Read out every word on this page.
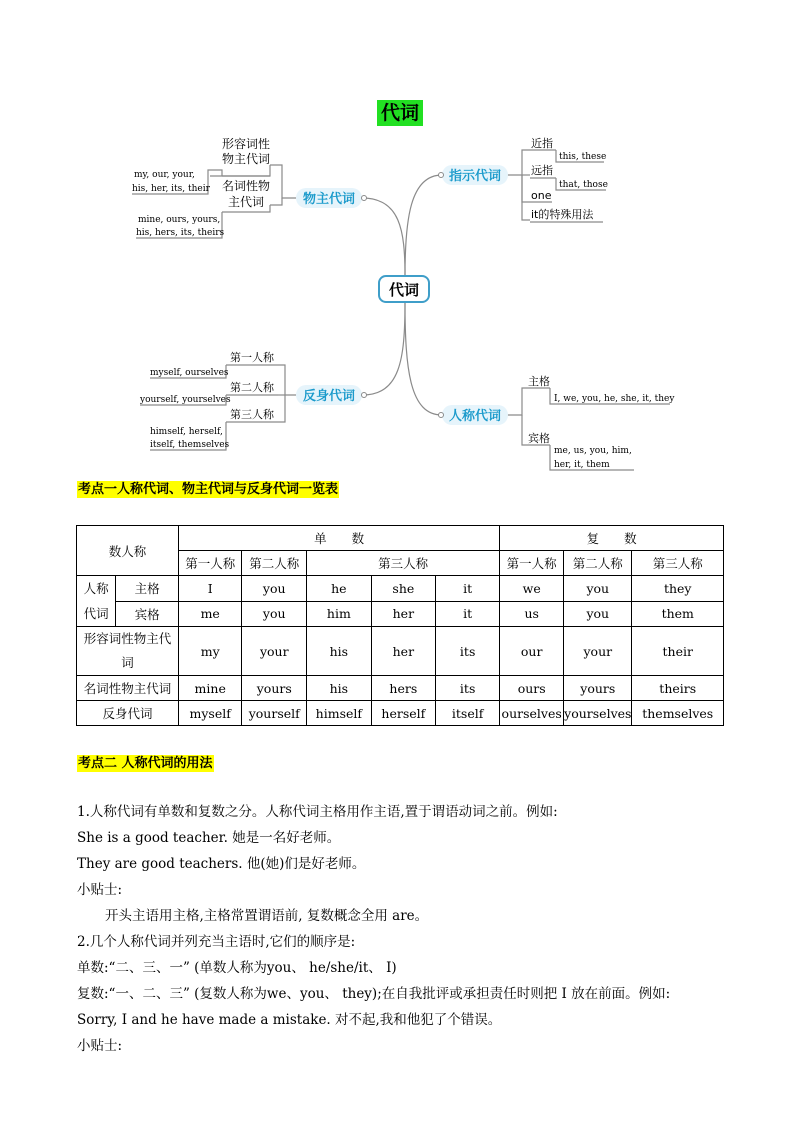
代词
代词
物主代词
反身代词
指示代词
人称代词
形容词性
物主代词
my, our, your,
his, her, its, their 名词性物
主代词
mine, ours, yours,
his, hers, its, theirs
第一人称
myself, ourselves
第二人称
yourself, yourselves
第三人称
himself, herself,
itself, themselves
近指
this, these
远指
that, those
one
it的特殊用法
主格
I, we, you, he, she, it, they
宾格
me, us, you, him,
her, it, them
考点一人称代词、物主代词与反身代词一览表
数人称		单　　数					复　　数		
		第一人称	第二人称	第三人称			第一人称	第二人称	第三人称
人称
代词	主格	I	you	he	she	it	we	you	they
	宾格	me	you	him	her	it	us	you	them
形容词性物主代
词		my	your	his	her	its	our	your	their
名词性物主代词		mine	yours	his	hers	its	ours	yours	theirs
反身代词		myself	yourself	himself	herself	itself	ourselves	yourselves	themselves
考点二 人称代词的用法
1.人称代词有单数和复数之分。人称代词主格用作主语,置于谓语动词之前。例如:
She is a good teacher. 她是一名好老师。
They are good teachers. 他(她)们是好老师。
小贴士:
开头主语用主格,主格常置谓语前, 复数概念全用 are。
2.几个人称代词并列充当主语时,它们的顺序是:
单数:“二、三、一” (单数人称为you、 he/she/it、 I)
复数:“一、二、三” (复数人称为we、you、 they);在自我批评或承担责任时则把 I 放在前面。例如:
Sorry, I and he have made a mistake. 对不起,我和他犯了个错误。
小贴士:
